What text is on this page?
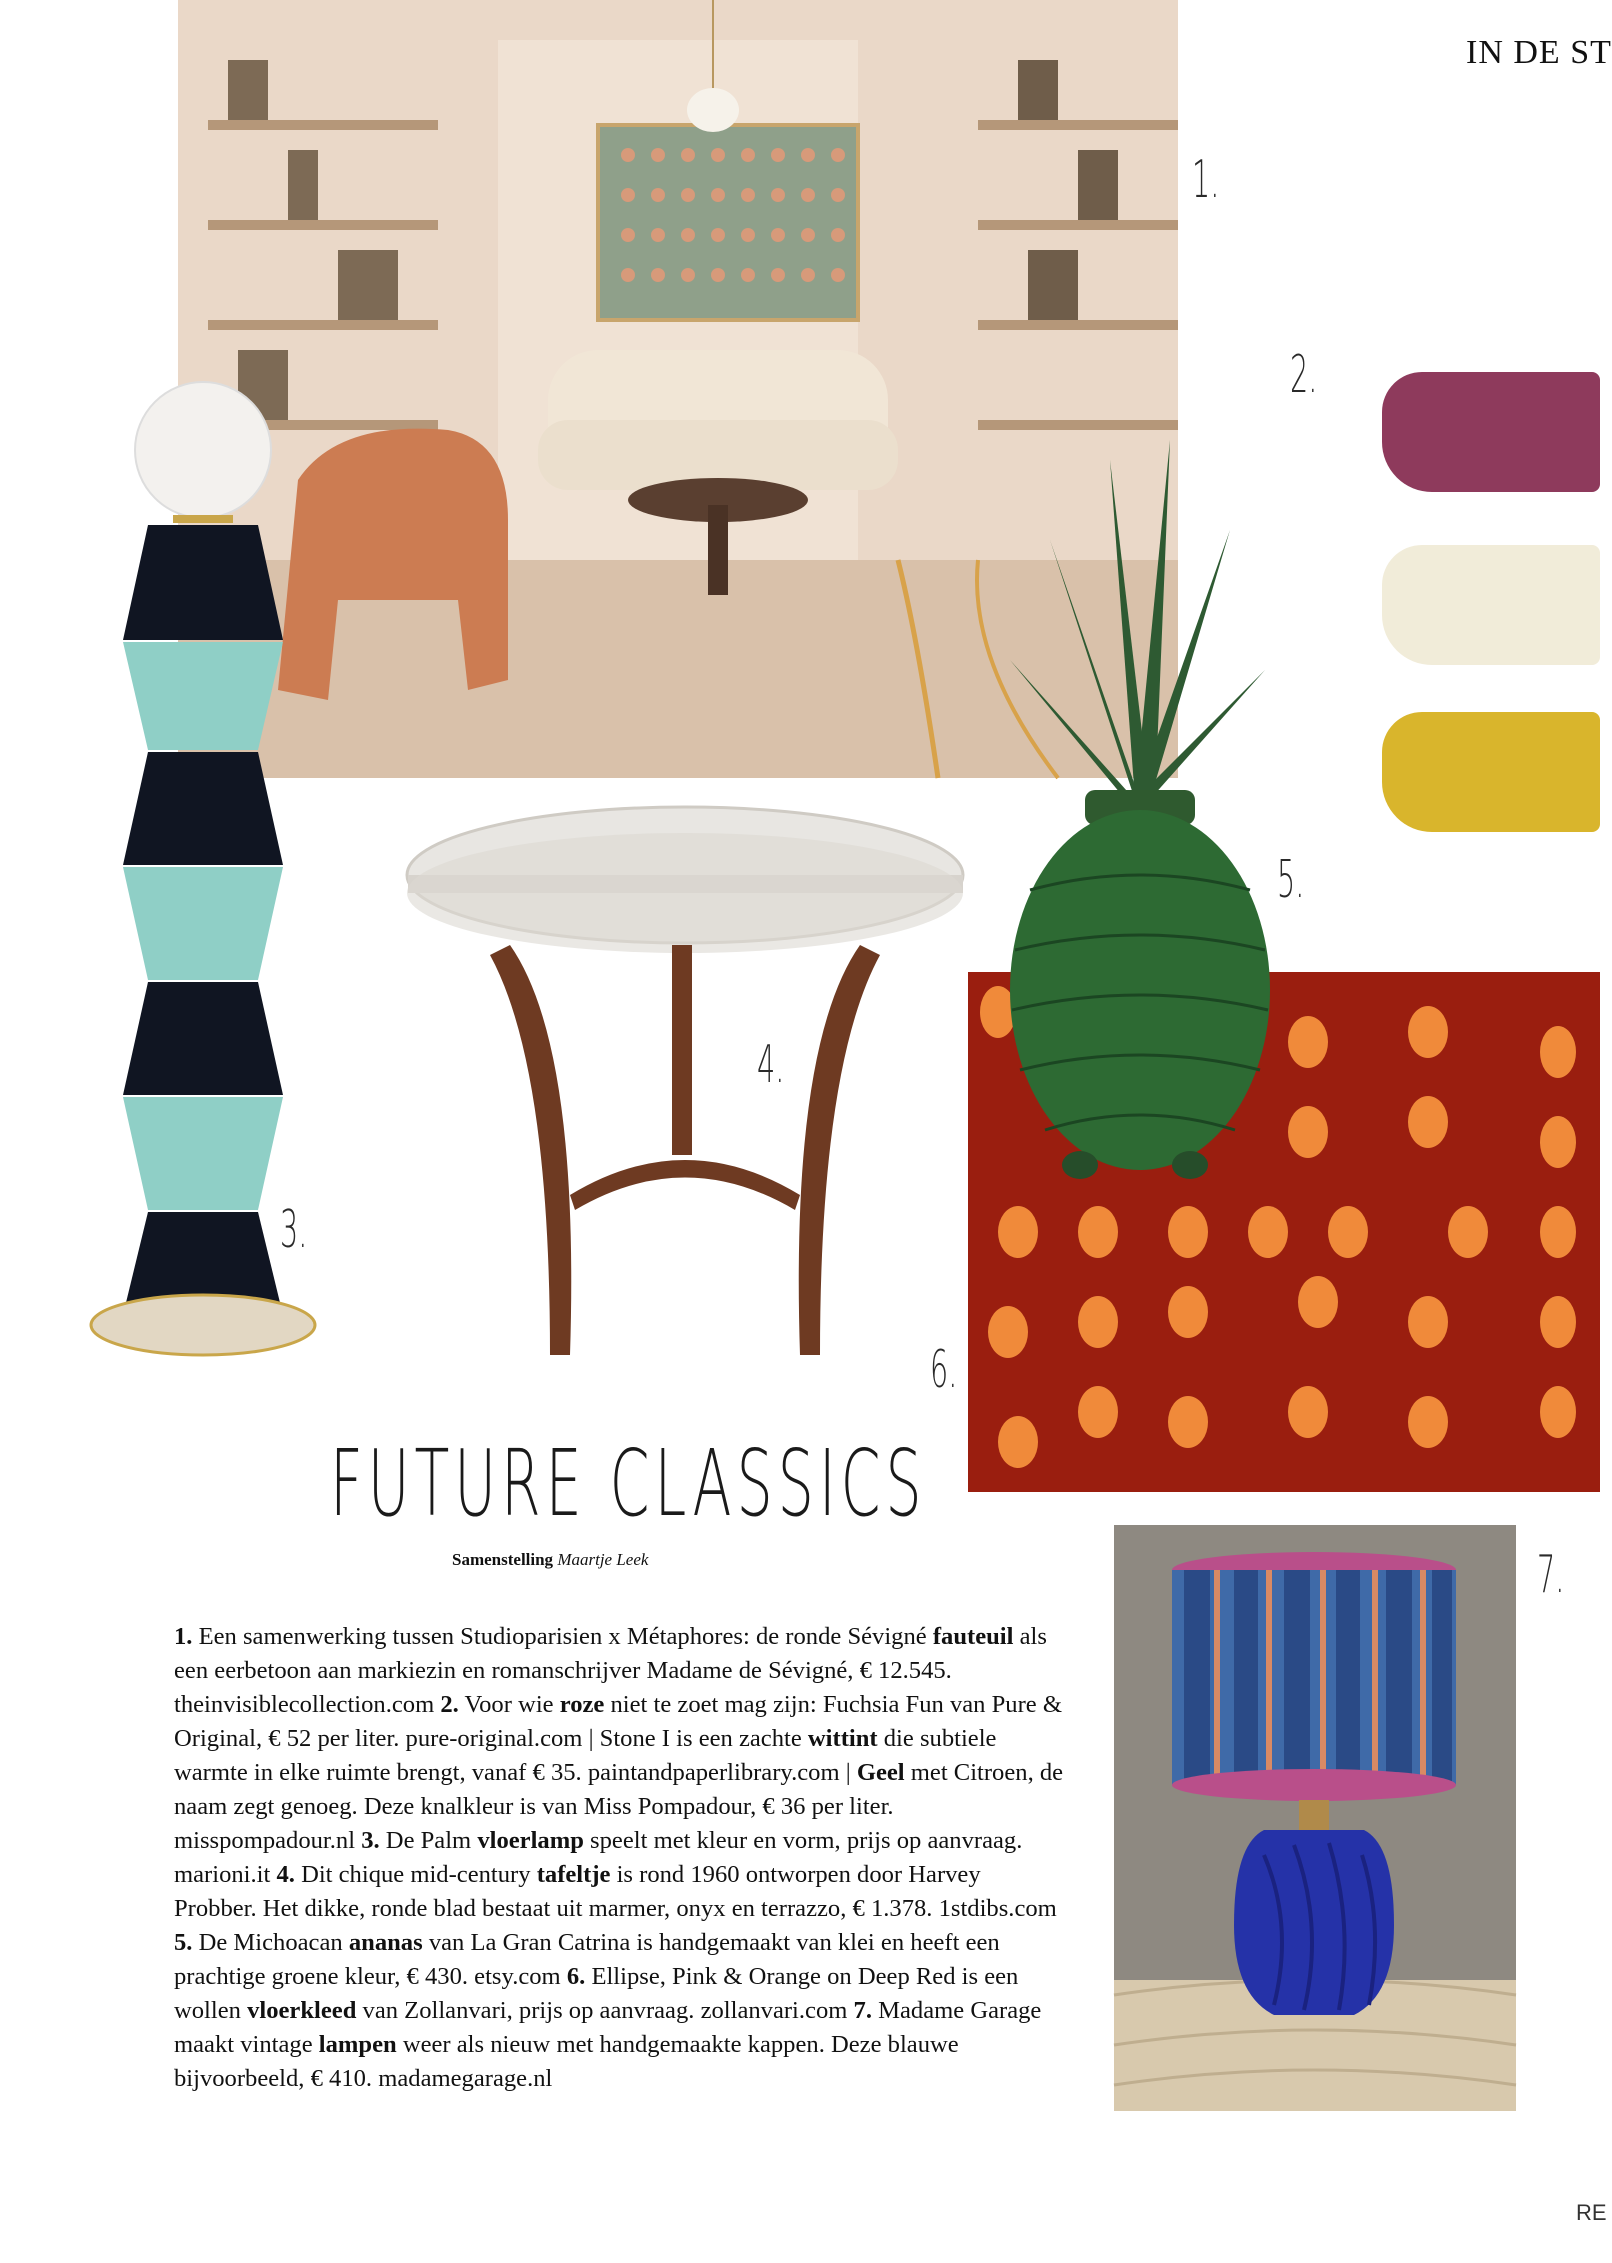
IN DE ST
1.
2.
3.
4.
5.
6.
7.
FUTURE CLASSICS
Samenstelling Maartje Leek
1. Een samenwerking tussen Studioparisien x Métaphores: de ronde Sévigné fauteuil als een eerbetoon aan markiezin en romanschrijver Madame de Sévigné, € 12.545. theinvisiblecollection.com 2. Voor wie roze niet te zoet mag zijn: Fuchsia Fun van Pure & Original, € 52 per liter. pure-original.com | Stone I is een zachte wittint die subtiele warmte in elke ruimte brengt, vanaf € 35. paintandpaperlibrary.com | Geel met Citroen, de naam zegt genoeg. Deze knalkleur is van Miss Pompadour, € 36 per liter. misspompadour.nl 3. De Palm vloerlamp speelt met kleur en vorm, prijs op aanvraag. marioni.it 4. Dit chique mid-century tafeltje is rond 1960 ontworpen door Harvey Probber. Het dikke, ronde blad bestaat uit marmer, onyx en terrazzo, € 1.378. 1stdibs.com 5. De Michoacan ananas van La Gran Catrina is handgemaakt van klei en heeft een prachtige groene kleur, € 430. etsy.com 6. Ellipse, Pink & Orange on Deep Red is een wollen vloerkleed van Zollanvari, prijs op aanvraag. zollanvari.com 7. Madame Garage maakt vintage lampen weer als nieuw met handgemaakte kappen. Deze blauwe bijvoorbeeld, € 410. madamegarage.nl
RE
